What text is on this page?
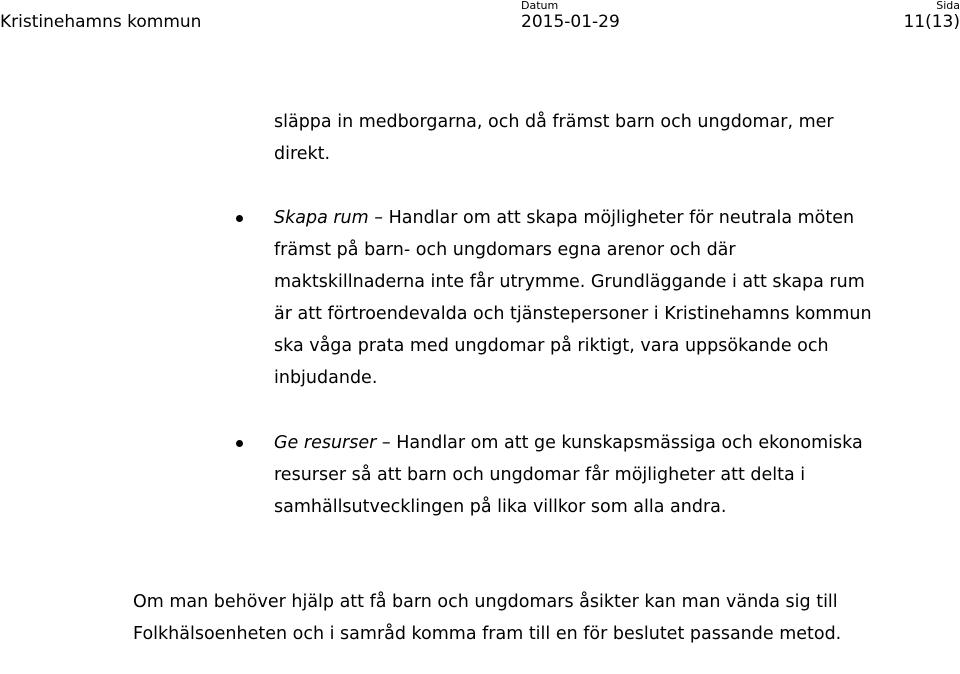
Kristinehamns kommun
Datum
2015-01-29
Sida
11(13)
släppa in medborgarna, och då främst barn och ungdomar, mer direkt.
Skapa rum – Handlar om att skapa möjligheter för neutrala möten främst på barn- och ungdomars egna arenor och där maktskillnaderna inte får utrymme. Grundläggande i att skapa rum är att förtroendevalda och tjänstepersoner i Kristinehamns kommun ska våga prata med ungdomar på riktigt, vara uppsökande och inbjudande.
Ge resurser – Handlar om att ge kunskapsmässiga och ekonomiska resurser så att barn och ungdomar får möjligheter att delta i samhällsutvecklingen på lika villkor som alla andra.
Om man behöver hjälp att få barn och ungdomars åsikter kan man vända sig till Folkhälsoenheten och i samråd komma fram till en för beslutet passande metod.
